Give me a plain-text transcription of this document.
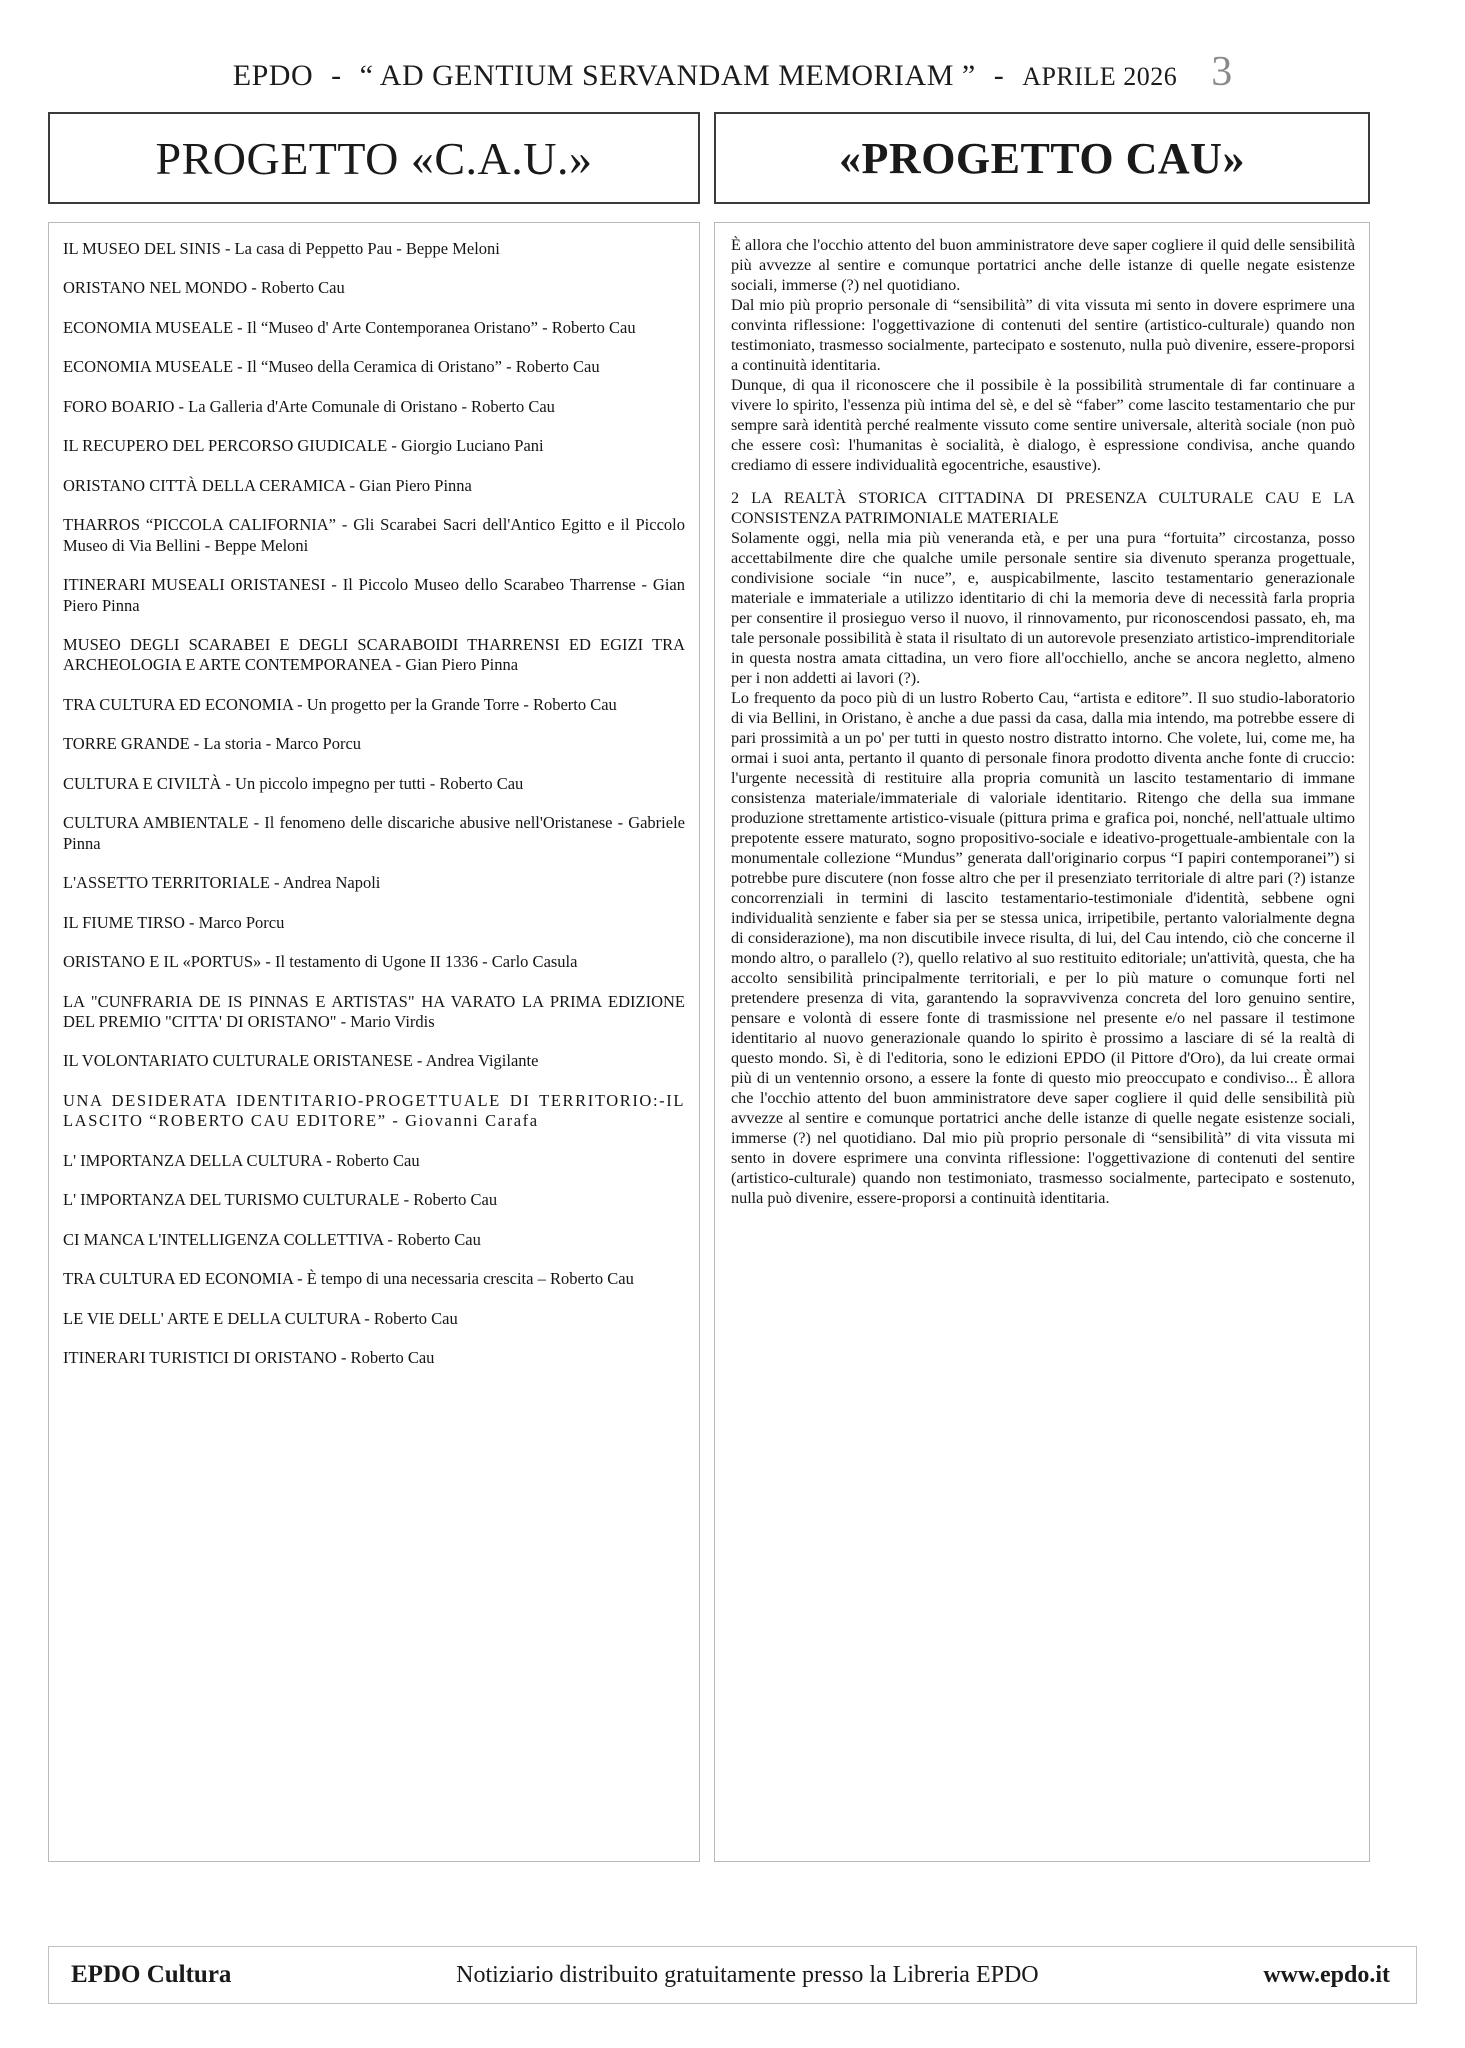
EPDO - “ AD GENTIUM SERVANDAM MEMORIAM ” - APRILE 2026 3
PROGETTO «C.A.U.»	«PROGETTO CAU»

IL MUSEO DEL SINIS - La casa di Peppetto Pau - Beppe Meloni

ORISTANO NEL MONDO - Roberto Cau

ECONOMIA MUSEALE - Il “Museo d' Arte Contemporanea Oristano” - Roberto Cau

ECONOMIA MUSEALE - Il “Museo della Ceramica di Oristano” - Roberto Cau

FORO BOARIO - La Galleria d'Arte Comunale di Oristano - Roberto Cau

IL RECUPERO DEL PERCORSO GIUDICALE - Giorgio Luciano Pani

ORISTANO CITTÀ DELLA CERAMICA - Gian Piero Pinna

THARROS “PICCOLA CALIFORNIA” - Gli Scarabei Sacri dell'Antico Egitto e il Piccolo Museo di Via Bellini - Beppe Meloni

ITINERARI MUSEALI ORISTANESI - Il Piccolo Museo dello Scarabeo Tharrense - Gian Piero Pinna

MUSEO DEGLI SCARABEI E DEGLI SCARABOIDI THARRENSI ED EGIZI TRA ARCHEOLOGIA E ARTE CONTEMPORANEA - Gian Piero Pinna

TRA CULTURA ED ECONOMIA - Un progetto per la Grande Torre - Roberto Cau

TORRE GRANDE - La storia - Marco Porcu

CULTURA E CIVILTÀ - Un piccolo impegno per tutti - Roberto Cau

CULTURA AMBIENTALE - Il fenomeno delle discariche abusive nell'Oristanese - Gabriele Pinna

L'ASSETTO TERRITORIALE - Andrea Napoli

IL FIUME TIRSO - Marco Porcu

ORISTANO E IL «PORTUS» - Il testamento di Ugone II 1336 - Carlo Casula

LA "CUNFRARIA DE IS PINNAS E ARTISTAS" HA VARATO LA PRIMA EDIZIONE DEL PREMIO "CITTA' DI ORISTANO" - Mario Virdis

IL VOLONTARIATO CULTURALE ORISTANESE - Andrea Vigilante

UNA DESIDERATA IDENTITARIO-PROGETTUALE DI TERRITORIO:-IL LASCITO “ROBERTO CAU EDITORE” - Giovanni Carafa

L' IMPORTANZA DELLA CULTURA - Roberto Cau

L' IMPORTANZA DEL TURISMO CULTURALE - Roberto Cau

CI MANCA L'INTELLIGENZA COLLETTIVA - Roberto Cau

TRA CULTURA ED ECONOMIA - È tempo di una necessaria crescita – Roberto Cau

LE VIE DELL' ARTE E DELLA CULTURA - Roberto Cau

ITINERARI TURISTICI DI ORISTANO - Roberto Cau

È allora che l'occhio attento del buon amministratore deve saper cogliere il quid delle sensibilità più avvezze al sentire e comunque portatrici anche delle istanze di quelle negate esistenze sociali, immerse (?) nel quotidiano.

Dal mio più proprio personale di “sensibilità” di vita vissuta mi sento in dovere esprimere una convinta riflessione: l'oggettivazione di contenuti del sentire (artistico-culturale) quando non testimoniato, trasmesso socialmente, partecipato e sostenuto, nulla può divenire, essere-proporsi a continuità identitaria.

Dunque, di qua il riconoscere che il possibile è la possibilità strumentale di far continuare a vivere lo spirito, l'essenza più intima del sè, e del sè “faber” come lascito testamentario che pur sempre sarà identità perché realmente vissuto come sentire universale, alterità sociale (non può che essere così: l'humanitas è socialità, è dialogo, è espressione condivisa, anche quando crediamo di essere individualità egocentriche, esaustive).

2 LA REALTÀ STORICA CITTADINA DI PRESENZA CULTURALE CAU E LA CONSISTENZA PATRIMONIALE MATERIALE

Solamente oggi, nella mia più veneranda età, e per una pura “fortuita” circostanza, posso accettabilmente dire che qualche umile personale sentire sia divenuto speranza progettuale, condivisione sociale “in nuce”, e, auspicabilmente, lascito testamentario generazionale materiale e immateriale a utilizzo identitario di chi la memoria deve di necessità farla propria per consentire il prosieguo verso il nuovo, il rinnovamento, pur riconoscendosi passato, eh, ma tale personale possibilità è stata il risultato di un autorevole presenziato artistico-imprenditoriale in questa nostra amata cittadina, un vero fiore all'occhiello, anche se ancora negletto, almeno per i non addetti ai lavori (?).

Lo frequento da poco più di un lustro Roberto Cau, “artista e editore”. Il suo studio-laboratorio di via Bellini, in Oristano, è anche a due passi da casa, dalla mia intendo, ma potrebbe essere di pari prossimità a un po' per tutti in questo nostro distratto intorno. Che volete, lui, come me, ha ormai i suoi anta, pertanto il quanto di personale finora prodotto diventa anche fonte di cruccio: l'urgente necessità di restituire alla propria comunità un lascito testamentario di immane consistenza materiale/immateriale di valoriale identitario. Ritengo che della sua immane produzione strettamente artistico-visuale (pittura prima e grafica poi, nonché, nell'attuale ultimo prepotente essere maturato, sogno propositivo-sociale e ideativo-progettuale-ambientale con la monumentale collezione “Mundus” generata dall'originario corpus “I papiri contemporanei”) si potrebbe pure discutere (non fosse altro che per il presenziato territoriale di altre pari (?) istanze concorrenziali in termini di lascito testamentario-testimoniale d'identità, sebbene ogni individualità senziente e faber sia per se stessa unica, irripetibile, pertanto valorialmente degna di considerazione), ma non discutibile invece risulta, di lui, del Cau intendo, ciò che concerne il mondo altro, o parallelo (?), quello relativo al suo restituito editoriale; un'attività, questa, che ha accolto sensibilità principalmente territoriali, e per lo più mature o comunque forti nel pretendere presenza di vita, garantendo la sopravvivenza concreta del loro genuino sentire, pensare e volontà di essere fonte di trasmissione nel presente e/o nel passare il testimone identitario al nuovo generazionale quando lo spirito è prossimo a lasciare di sé la realtà di questo mondo. Sì, è di l'editoria, sono le edizioni EPDO (il Pittore d'Oro), da lui create ormai più di un ventennio orsono, a essere la fonte di questo mio preoccupato e condiviso... È allora che l'occhio attento del buon amministratore deve saper cogliere il quid delle sensibilità più avvezze al sentire e comunque portatrici anche delle istanze di quelle negate esistenze sociali, immerse (?) nel quotidiano. Dal mio più proprio personale di “sensibilità” di vita vissuta mi sento in dovere esprimere una convinta riflessione: l'oggettivazione di contenuti del sentire (artistico-culturale) quando non testimoniato, trasmesso socialmente, partecipato e sostenuto, nulla può divenire, essere-proporsi a continuità identitaria.

EPDO Cultura	Notiziario distribuito gratuitamente presso la Libreria EPDO	www.epdo.it
